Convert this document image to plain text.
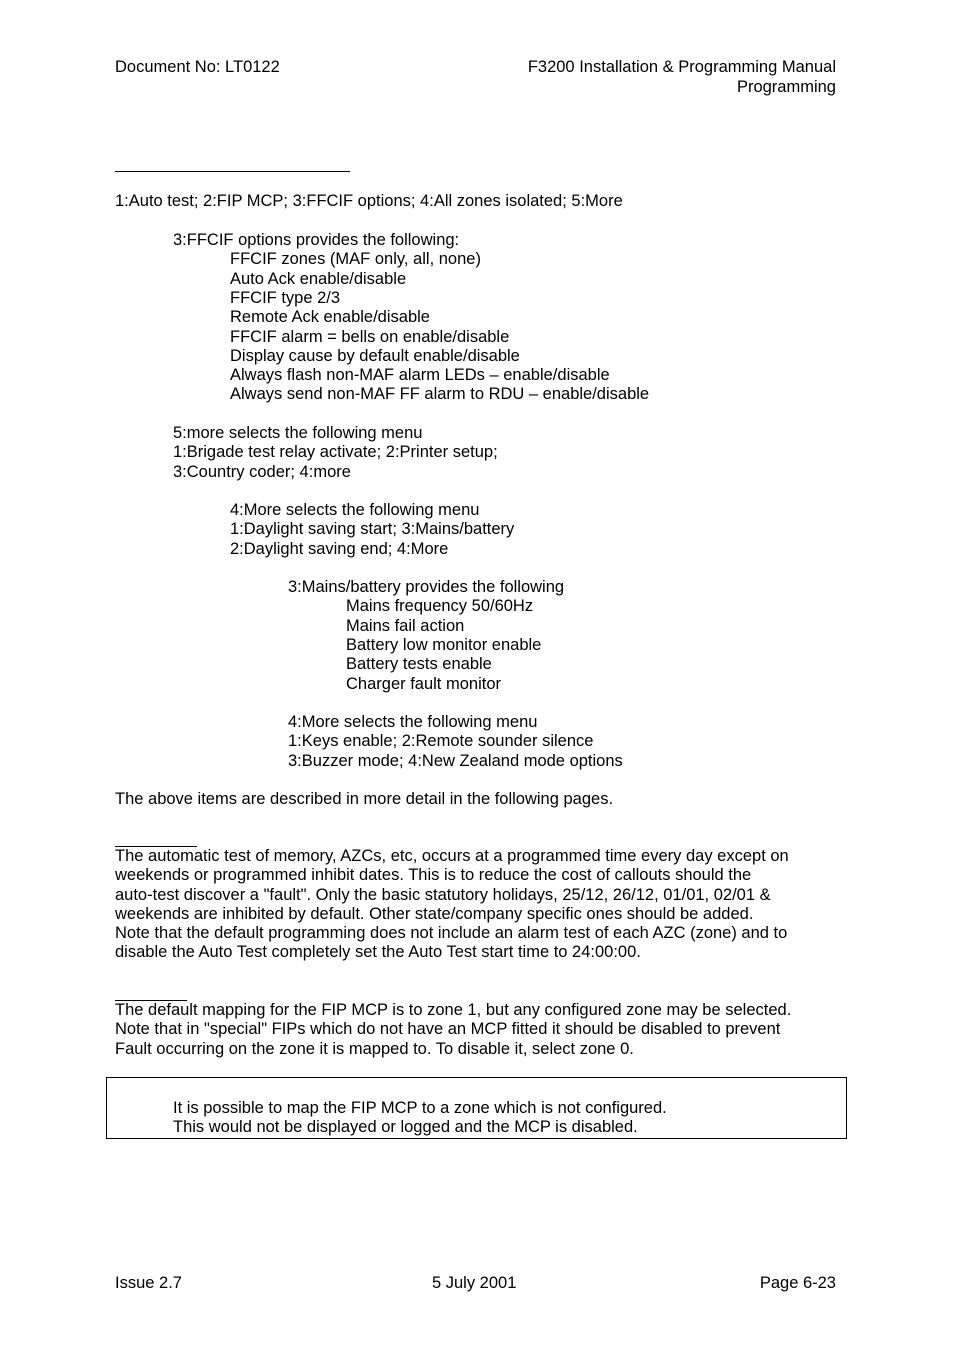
Document No: LT0122	F3200 Installation & Programming Manual
Programming
1:Auto test; 2:FIP MCP; 3:FFCIF options; 4:All zones isolated; 5:More
3:FFCIF options provides the following:
FFCIF zones (MAF only, all, none)
Auto Ack enable/disable
FFCIF type 2/3
Remote Ack enable/disable
FFCIF alarm = bells on enable/disable
Display cause by default enable/disable
Always flash non-MAF alarm LEDs – enable/disable
Always send non-MAF FF alarm to RDU – enable/disable
5:more selects the following menu
1:Brigade test relay activate; 2:Printer setup;
3:Country coder; 4:more
4:More selects the following menu
1:Daylight saving start; 3:Mains/battery
2:Daylight saving end; 4:More
3:Mains/battery provides the following
Mains frequency 50/60Hz
Mains fail action
Battery low monitor enable
Battery tests enable
Charger fault monitor
4:More selects the following menu
1:Keys enable; 2:Remote sounder silence
3:Buzzer mode; 4:New Zealand mode options
The above items are described in more detail in the following pages.
The automatic test of memory, AZCs, etc, occurs at a programmed time every day except on
weekends or programmed inhibit dates. This is to reduce the cost of callouts should the
auto-test discover a "fault". Only the basic statutory holidays, 25/12, 26/12, 01/01, 02/01 &
weekends are inhibited by default. Other state/company specific ones should be added.
Note that the default programming does not include an alarm test of each AZC (zone) and to
disable the Auto Test completely set the Auto Test start time to 24:00:00.
The default mapping for the FIP MCP is to zone 1, but any configured zone may be selected.
Note that in "special" FIPs which do not have an MCP fitted it should be disabled to prevent
Fault occurring on the zone it is mapped to. To disable it, select zone 0.
It is possible to map the FIP MCP to a zone which is not configured.
This would not be displayed or logged and the MCP is disabled.
Issue 2.7	5 July 2001	Page 6-23
